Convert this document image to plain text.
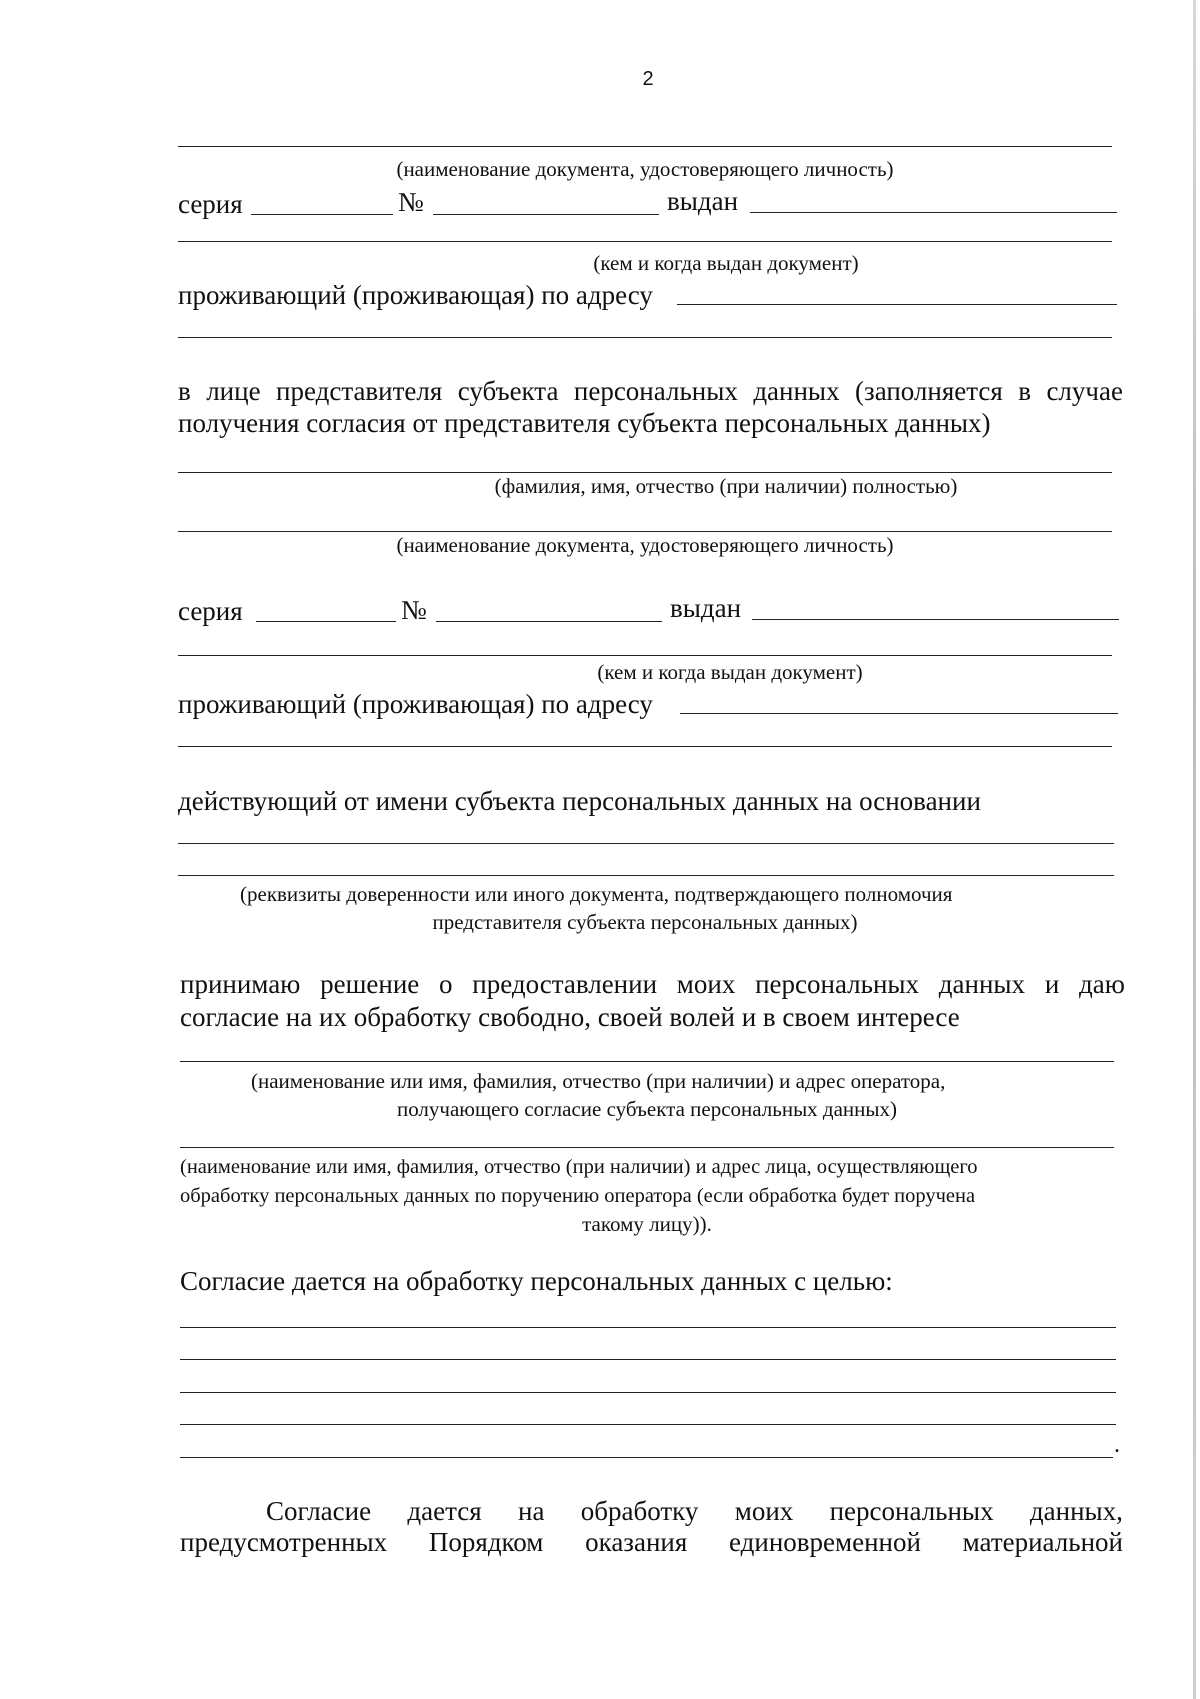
2
(наименование документа, удостоверяющего личность)
серия	№	выдан
(кем и когда выдан документ)
проживающий (проживающая) по адресу
в лице представителя субъекта персональных данных (заполняется в случае
получения согласия от представителя субъекта персональных данных)
(фамилия, имя, отчество (при наличии) полностью)
(наименование документа, удостоверяющего личность)
серия	№	выдан
(кем и когда выдан документ)
проживающий (проживающая) по адресу
действующий от имени субъекта персональных данных на основании
(реквизиты доверенности или иного документа, подтверждающего полномочия
представителя субъекта персональных данных)
принимаю решение о предоставлении моих персональных данных и даю
согласие на их обработку свободно, своей волей и в своем интересе
(наименование или имя, фамилия, отчество (при наличии) и адрес оператора,
получающего согласие субъекта персональных данных)
(наименование или имя, фамилия, отчество (при наличии) и адрес лица, осуществляющего
обработку персональных данных по поручению оператора (если обработка будет поручена
такому лицу)).
Согласие дается на обработку персональных данных с целью:
.
Согласие дается на обработку моих персональных данных,
предусмотренных Порядком оказания единовременной материальной
